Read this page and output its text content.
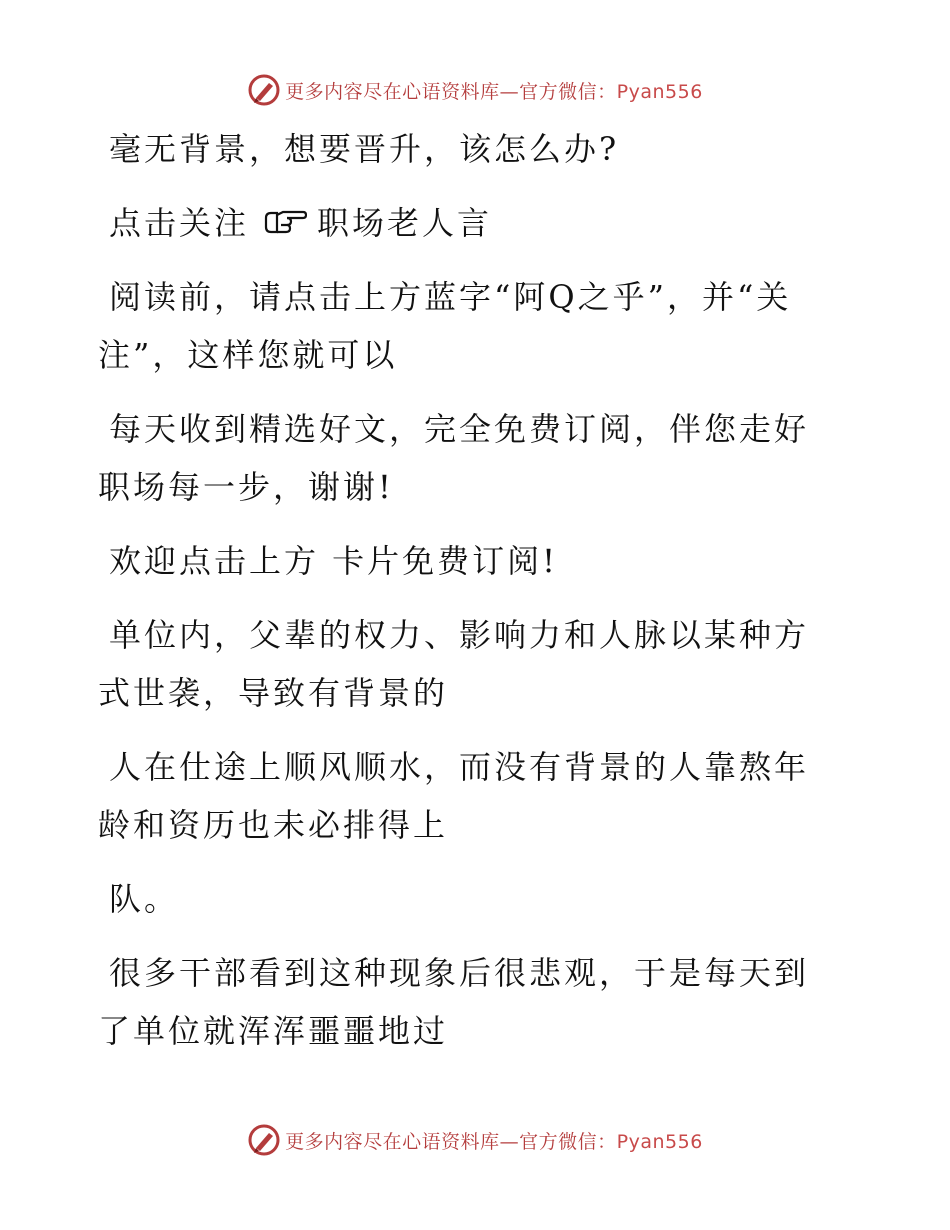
更多内容尽在心语资料库—官方微信：Pyan556

毫无背景，想要晋升，该怎么办?

点击关注 职场老人言

阅读前，请点击上方蓝字“阿Q之乎”，并“关注”，这样您就可以

每天收到精选好文，完全免费订阅，伴您走好职场每一步，谢谢!

欢迎点击上方 卡片免费订阅!

单位内，父辈的权力、影响力和人脉以某种方式世袭，导致有背景的

人在仕途上顺风顺水，而没有背景的人靠熬年龄和资历也未必排得上

队。

很多干部看到这种现象后很悲观，于是每天到了单位就浑浑噩噩地过

更多内容尽在心语资料库—官方微信：Pyan556
